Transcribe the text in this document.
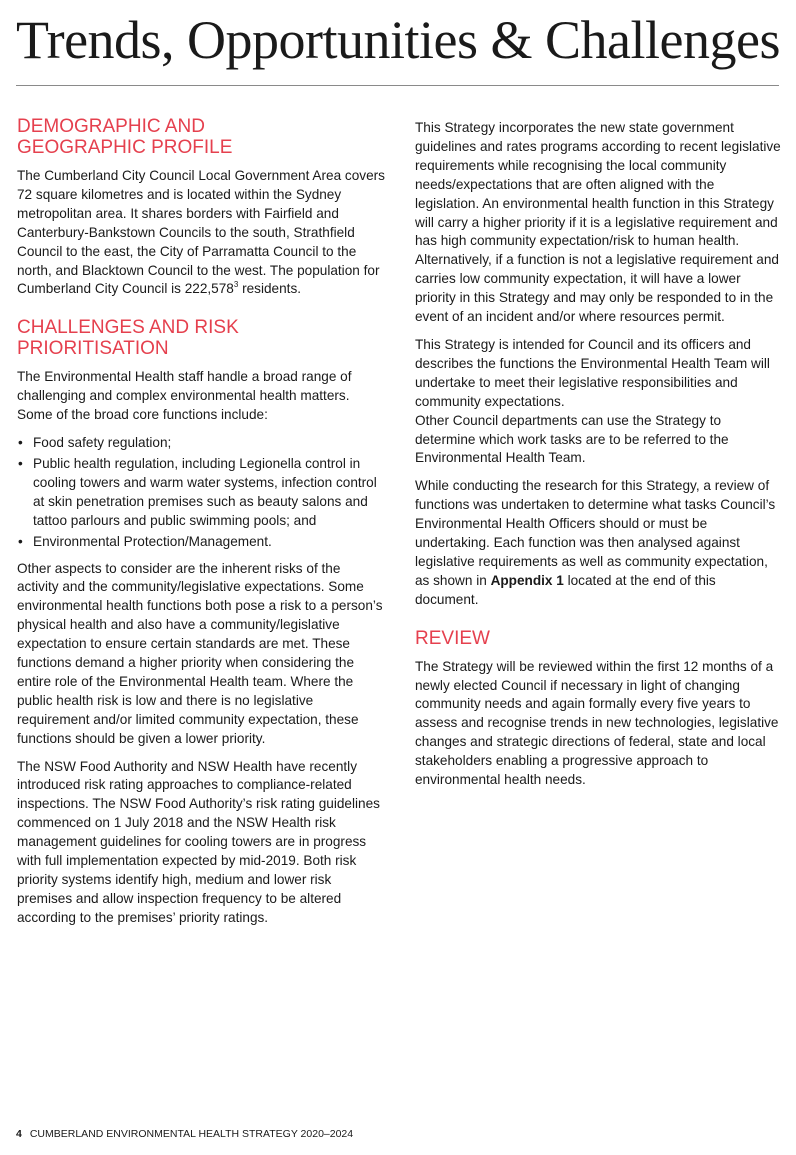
Trends, Opportunities & Challenges
DEMOGRAPHIC AND
GEOGRAPHIC PROFILE

The Cumberland City Council Local Government Area covers 72 square kilometres and is located within the Sydney metropolitan area. It shares borders with Fairfield and Canterbury-Bankstown Councils to the south, Strathfield Council to the east, the City of Parramatta Council to the north, and Blacktown Council to the west. The population for Cumberland City Council is 222,578$^3$ residents.

CHALLENGES AND RISK
PRIORITISATION

The Environmental Health staff handle a broad range of challenging and complex environmental health matters. Some of the broad core functions include:

• Food safety regulation;
• Public health regulation, including Legionella control in cooling towers and warm water systems, infection control at skin penetration premises such as beauty salons and tattoo parlours and public swimming pools; and
• Environmental Protection/Management.

Other aspects to consider are the inherent risks of the activity and the community/legislative expectations. Some environmental health functions both pose a risk to a person’s physical health and also have a community/legislative expectation to ensure certain standards are met. These functions demand a higher priority when considering the entire role of the Environmental Health team. Where the public health risk is low and there is no legislative requirement and/or limited community expectation, these functions should be given a lower priority.

The NSW Food Authority and NSW Health have recently introduced risk rating approaches to compliance-related inspections. The NSW Food Authority’s risk rating guidelines commenced on 1 July 2018 and the NSW Health risk management guidelines for cooling towers are in progress with full implementation expected by mid-2019. Both risk priority systems identify high, medium and lower risk premises and allow inspection frequency to be altered according to the premises’ priority ratings.

This Strategy incorporates the new state government guidelines and rates programs according to recent legislative requirements while recognising the local community needs/expectations that are often aligned with the legislation. An environmental health function in this Strategy will carry a higher priority if it is a legislative requirement and has high community expectation/risk to human health. Alternatively, if a function is not a legislative requirement and carries low community expectation, it will have a lower priority in this Strategy and may only be responded to in the event of an incident and/or where resources permit.

This Strategy is intended for Council and its officers and describes the functions the Environmental Health Team will undertake to meet their legislative responsibilities and community expectations.
Other Council departments can use the Strategy to determine which work tasks are to be referred to the Environmental Health Team.

While conducting the research for this Strategy, a review of functions was undertaken to determine what tasks Council’s Environmental Health Officers should or must be undertaking. Each function was then analysed against legislative requirements as well as community expectation, as shown in Appendix 1 located at the end of this document.

REVIEW

The Strategy will be reviewed within the first 12 months of a newly elected Council if necessary in light of changing community needs and again formally every five years to assess and recognise trends in new technologies, legislative changes and strategic directions of federal, state and local stakeholders enabling a progressive approach to environmental health needs.

4 CUMBERLAND ENVIRONMENTAL HEALTH STRATEGY 2020–2024
